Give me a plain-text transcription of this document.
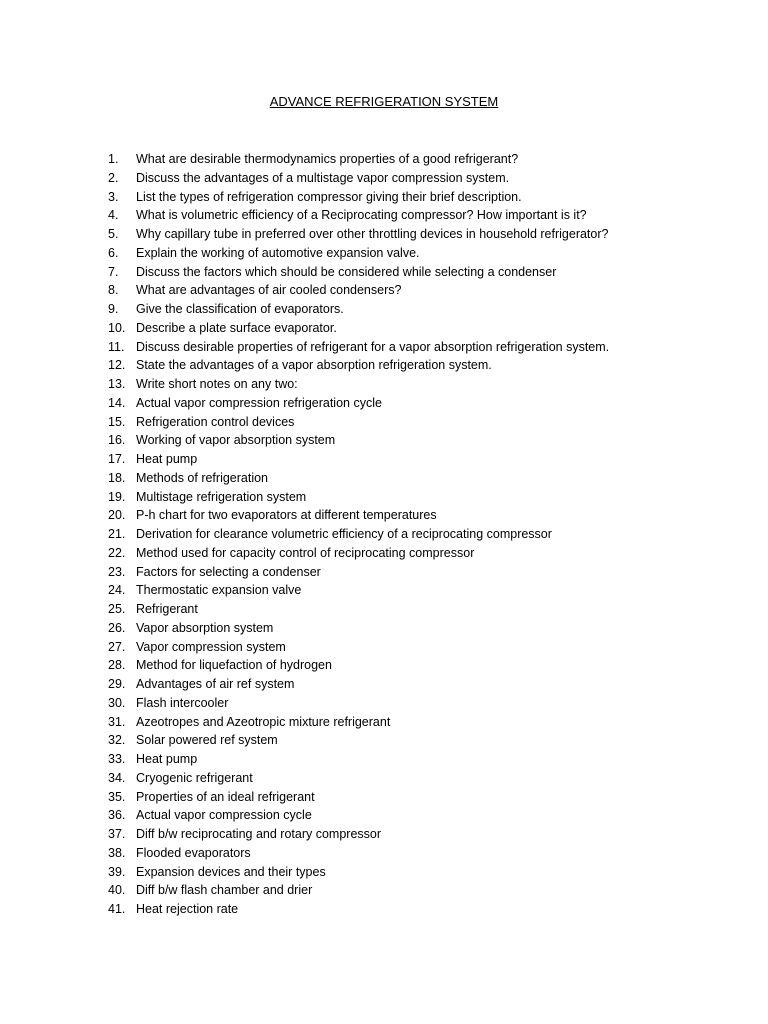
ADVANCE REFRIGERATION SYSTEM
1.	What are desirable thermodynamics properties of a good refrigerant?
2.	Discuss the advantages of a multistage vapor compression system.
3.	List the types of refrigeration compressor giving their brief description.
4.	What is volumetric efficiency of a Reciprocating compressor? How important is it?
5.	Why capillary tube in preferred over other throttling devices in household refrigerator?
6.	Explain the working of automotive expansion valve.
7.	Discuss the factors which should be considered while selecting a condenser
8.	What are advantages of air cooled condensers?
9.	Give the classification of evaporators.
10. Describe a plate surface evaporator.
11. Discuss desirable properties of refrigerant for a vapor absorption refrigeration system.
12. State the advantages of a vapor absorption refrigeration system.
13. Write short notes on any two:
14. Actual vapor compression refrigeration cycle
15. Refrigeration control devices
16. Working of vapor absorption system
17. Heat pump
18. Methods of refrigeration
19. Multistage refrigeration system
20. P-h chart for two evaporators at different temperatures
21. Derivation for clearance volumetric efficiency of a reciprocating compressor
22. Method used for capacity control of reciprocating compressor
23. Factors for selecting a condenser
24. Thermostatic expansion valve
25. Refrigerant
26. Vapor absorption system
27. Vapor compression system
28. Method for liquefaction of hydrogen
29. Advantages of air ref system
30. Flash intercooler
31. Azeotropes and Azeotropic mixture refrigerant
32. Solar powered ref system
33. Heat pump
34. Cryogenic refrigerant
35. Properties of an ideal refrigerant
36. Actual vapor compression cycle
37. Diff b/w reciprocating and rotary compressor
38. Flooded evaporators
39. Expansion devices and their types
40. Diff b/w flash chamber and drier
41. Heat rejection rate
